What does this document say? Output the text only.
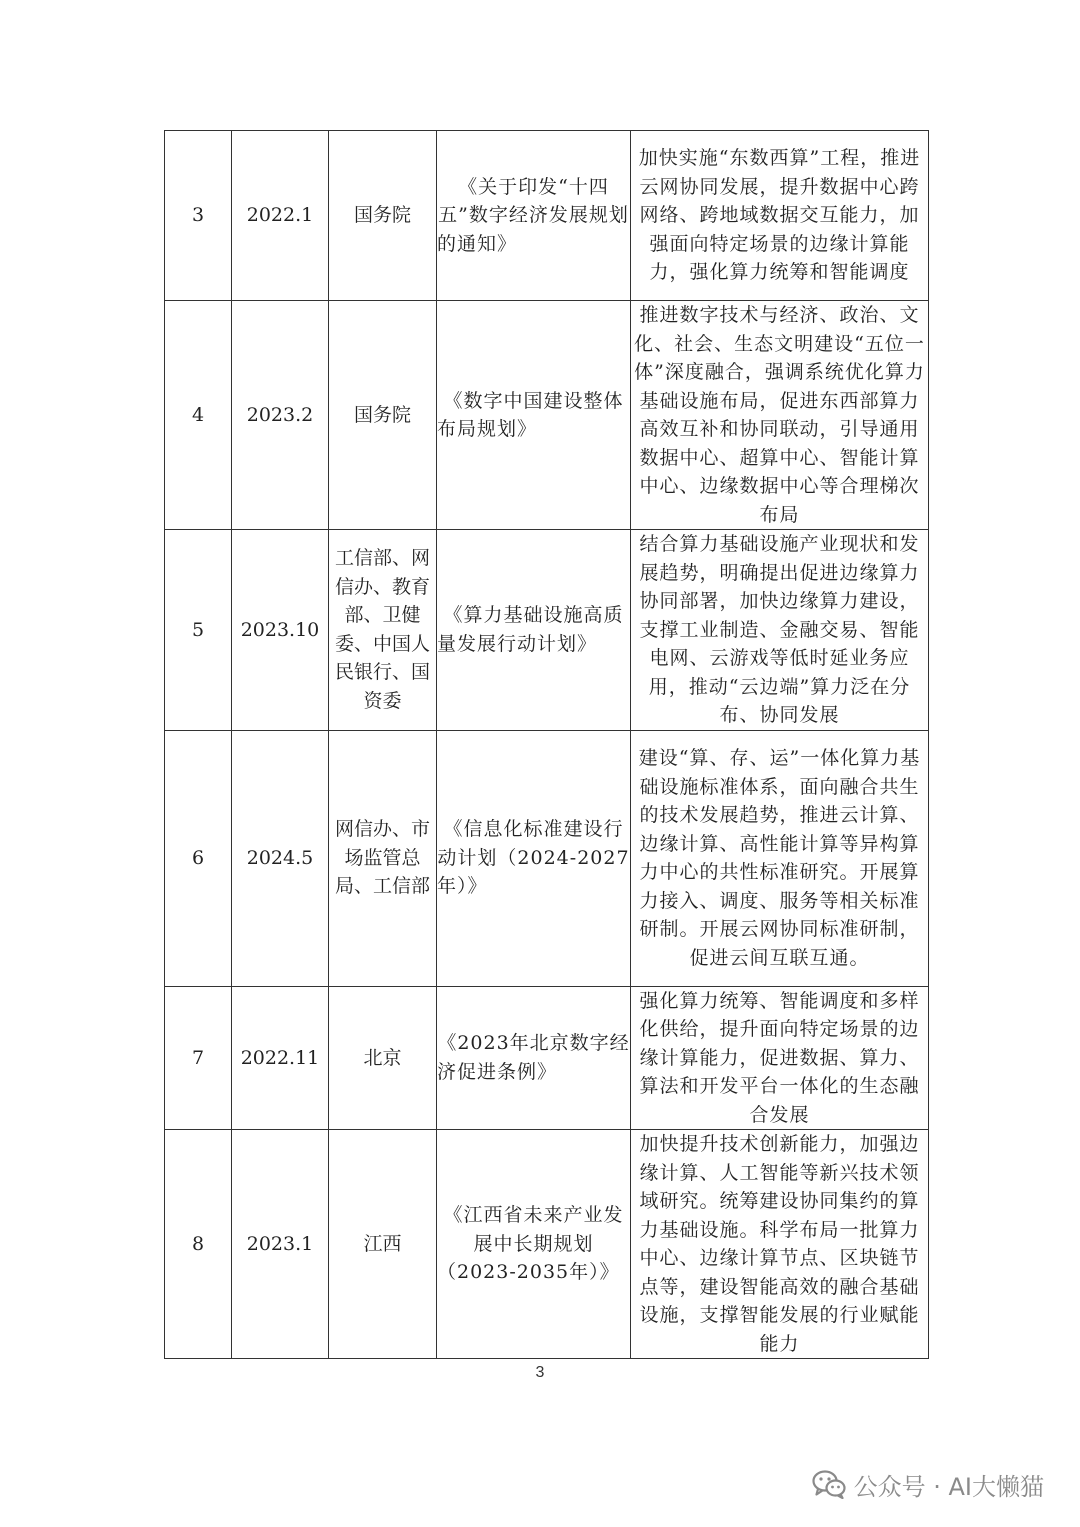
3	2022.1	国务院	《关于印发“十四五”数字经济发展规划的通知》	加快实施“东数西算”工程，推进云网协同发展，提升数据中心跨网络、跨地域数据交互能力，加强面向特定场景的边缘计算能力，强化算力统筹和智能调度
4	2023.2	国务院	《数字中国建设整体布局规划》	推进数字技术与经济、政治、文化、社会、生态文明建设“五位一体”深度融合，强调系统优化算力基础设施布局，促进东西部算力高效互补和协同联动，引导通用数据中心、超算中心、智能计算中心、边缘数据中心等合理梯次布局
5	2023.10	工信部、网信办、教育部、卫健委、中国人民银行、国资委	《算力基础设施高质量发展行动计划》	结合算力基础设施产业现状和发展趋势，明确提出促进边缘算力协同部署，加快边缘算力建设，支撑工业制造、金融交易、智能电网、云游戏等低时延业务应用，推动“云边端”算力泛在分布、协同发展
6	2024.5	网信办、市场监管总局、工信部	《信息化标准建设行动计划（2024-2027年）》	建设“算、存、运”一体化算力基础设施标准体系，面向融合共生的技术发展趋势，推进云计算、边缘计算、高性能计算等异构算力中心的共性标准研究。开展算力接入、调度、服务等相关标准研制。开展云网协同标准研制，促进云间互联互通。
7	2022.11	北京	《2023年北京数字经济促进条例》	强化算力统筹、智能调度和多样化供给，提升面向特定场景的边缘计算能力，促进数据、算力、算法和开发平台一体化的生态融合发展
8	2023.1	江西	《江西省未来产业发展中长期规划（2023-2035年）》	加快提升技术创新能力，加强边缘计算、人工智能等新兴技术领域研究。统筹建设协同集约的算力基础设施。科学布局一批算力中心、边缘计算节点、区块链节点等，建设智能高效的融合基础设施，支撑智能发展的行业赋能能力
3
公众号 · AI大懒猫
